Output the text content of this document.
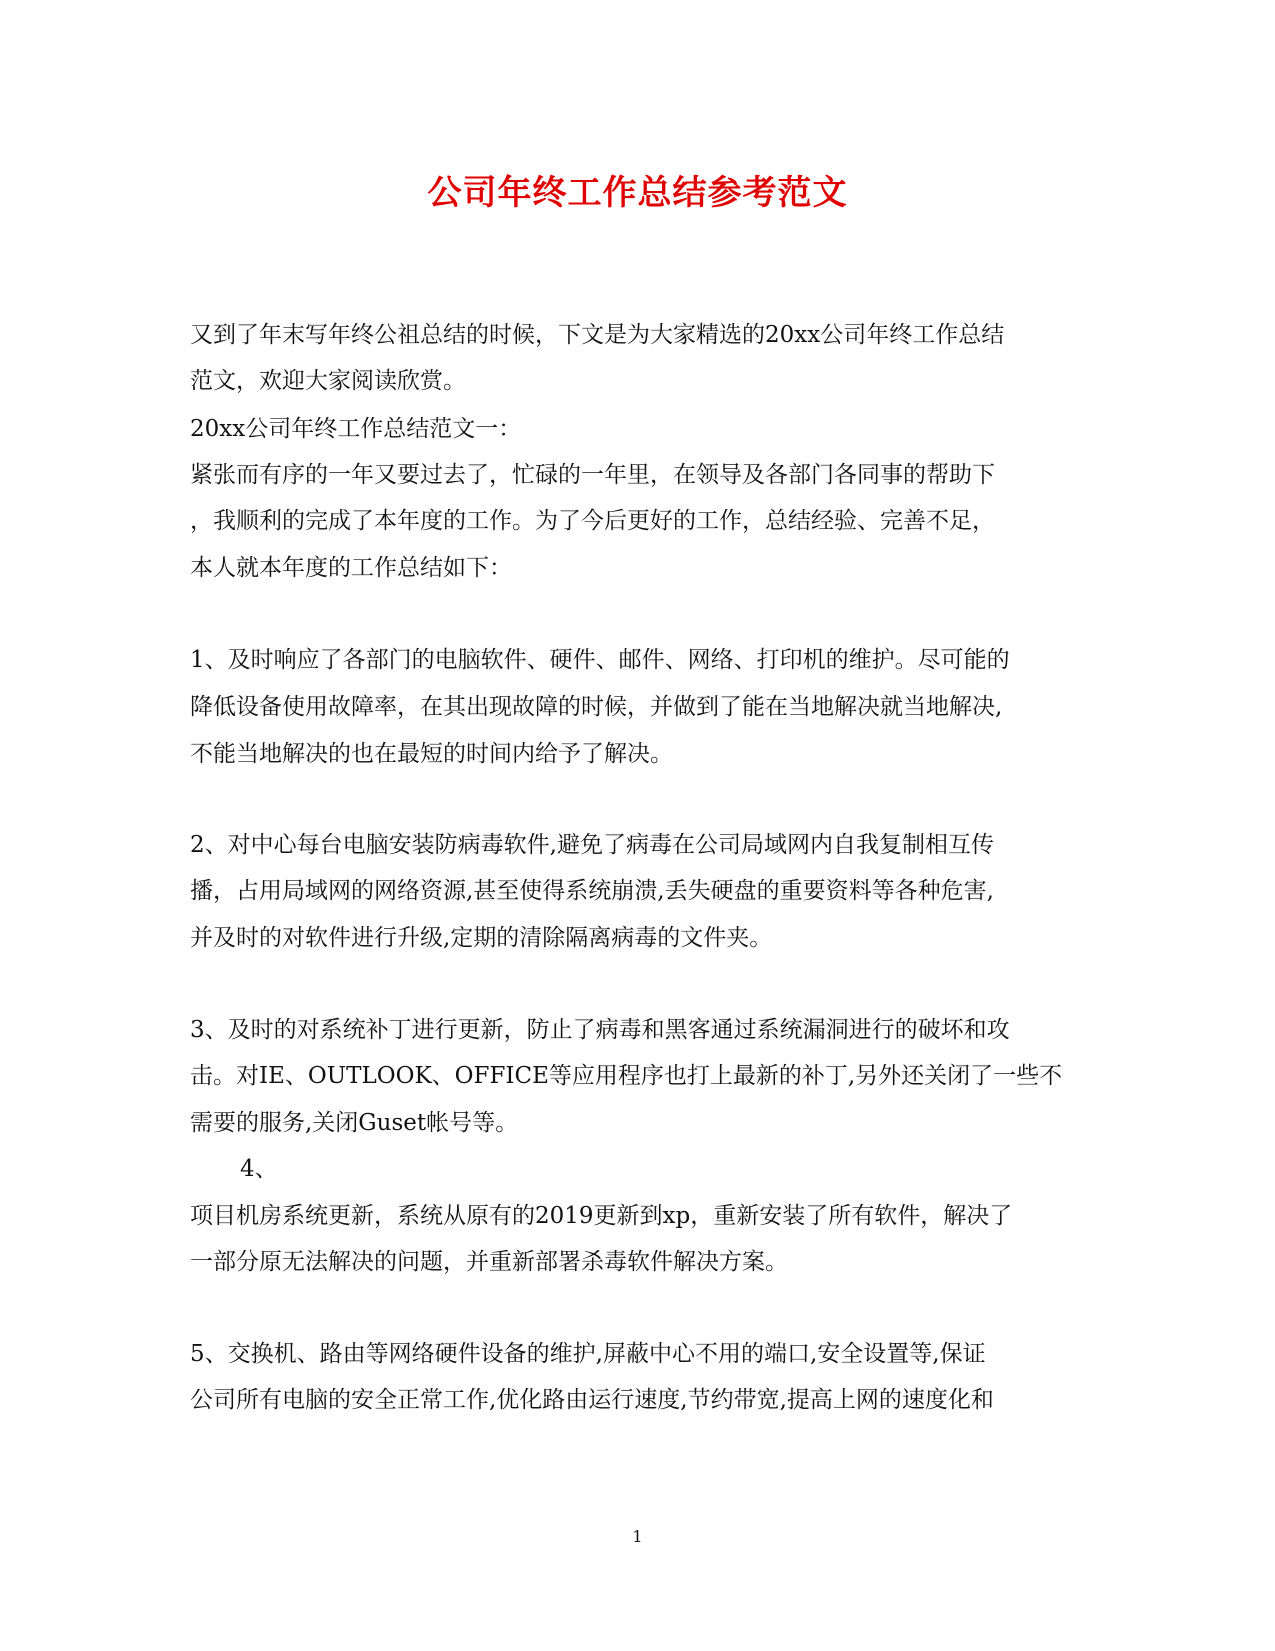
公司年终工作总结参考范文
又到了年末写年终公祖总结的时候，下文是为大家精选的20xx公司年终工作总结
范文，欢迎大家阅读欣赏。
20xx公司年终工作总结范文一：
紧张而有序的一年又要过去了，忙碌的一年里，在领导及各部门各同事的帮助下
，我顺利的完成了本年度的工作。为了今后更好的工作，总结经验、完善不足，
本人就本年度的工作总结如下：
1、及时响应了各部门的电脑软件、硬件、邮件、网络、打印机的维护。尽可能的
降低设备使用故障率，在其出现故障的时候，并做到了能在当地解决就当地解决,
不能当地解决的也在最短的时间内给予了解决。
2、对中心每台电脑安装防病毒软件,避免了病毒在公司局域网内自我复制相互传
播，占用局域网的网络资源,甚至使得系统崩溃,丢失硬盘的重要资料等各种危害,
并及时的对软件进行升级,定期的清除隔离病毒的文件夹。
3、及时的对系统补丁进行更新，防止了病毒和黑客通过系统漏洞进行的破坏和攻
击。对IE、OUTLOOK、OFFICE等应用程序也打上最新的补丁,另外还关闭了一些不
需要的服务,关闭Guset帐号等。
4、
项目机房系统更新，系统从原有的2019更新到xp，重新安装了所有软件，解决了
一部分原无法解决的问题，并重新部署杀毒软件解决方案。
5、交换机、路由等网络硬件设备的维护,屏蔽中心不用的端口,安全设置等,保证
公司所有电脑的安全正常工作,优化路由运行速度,节约带宽,提高上网的速度化和
1
